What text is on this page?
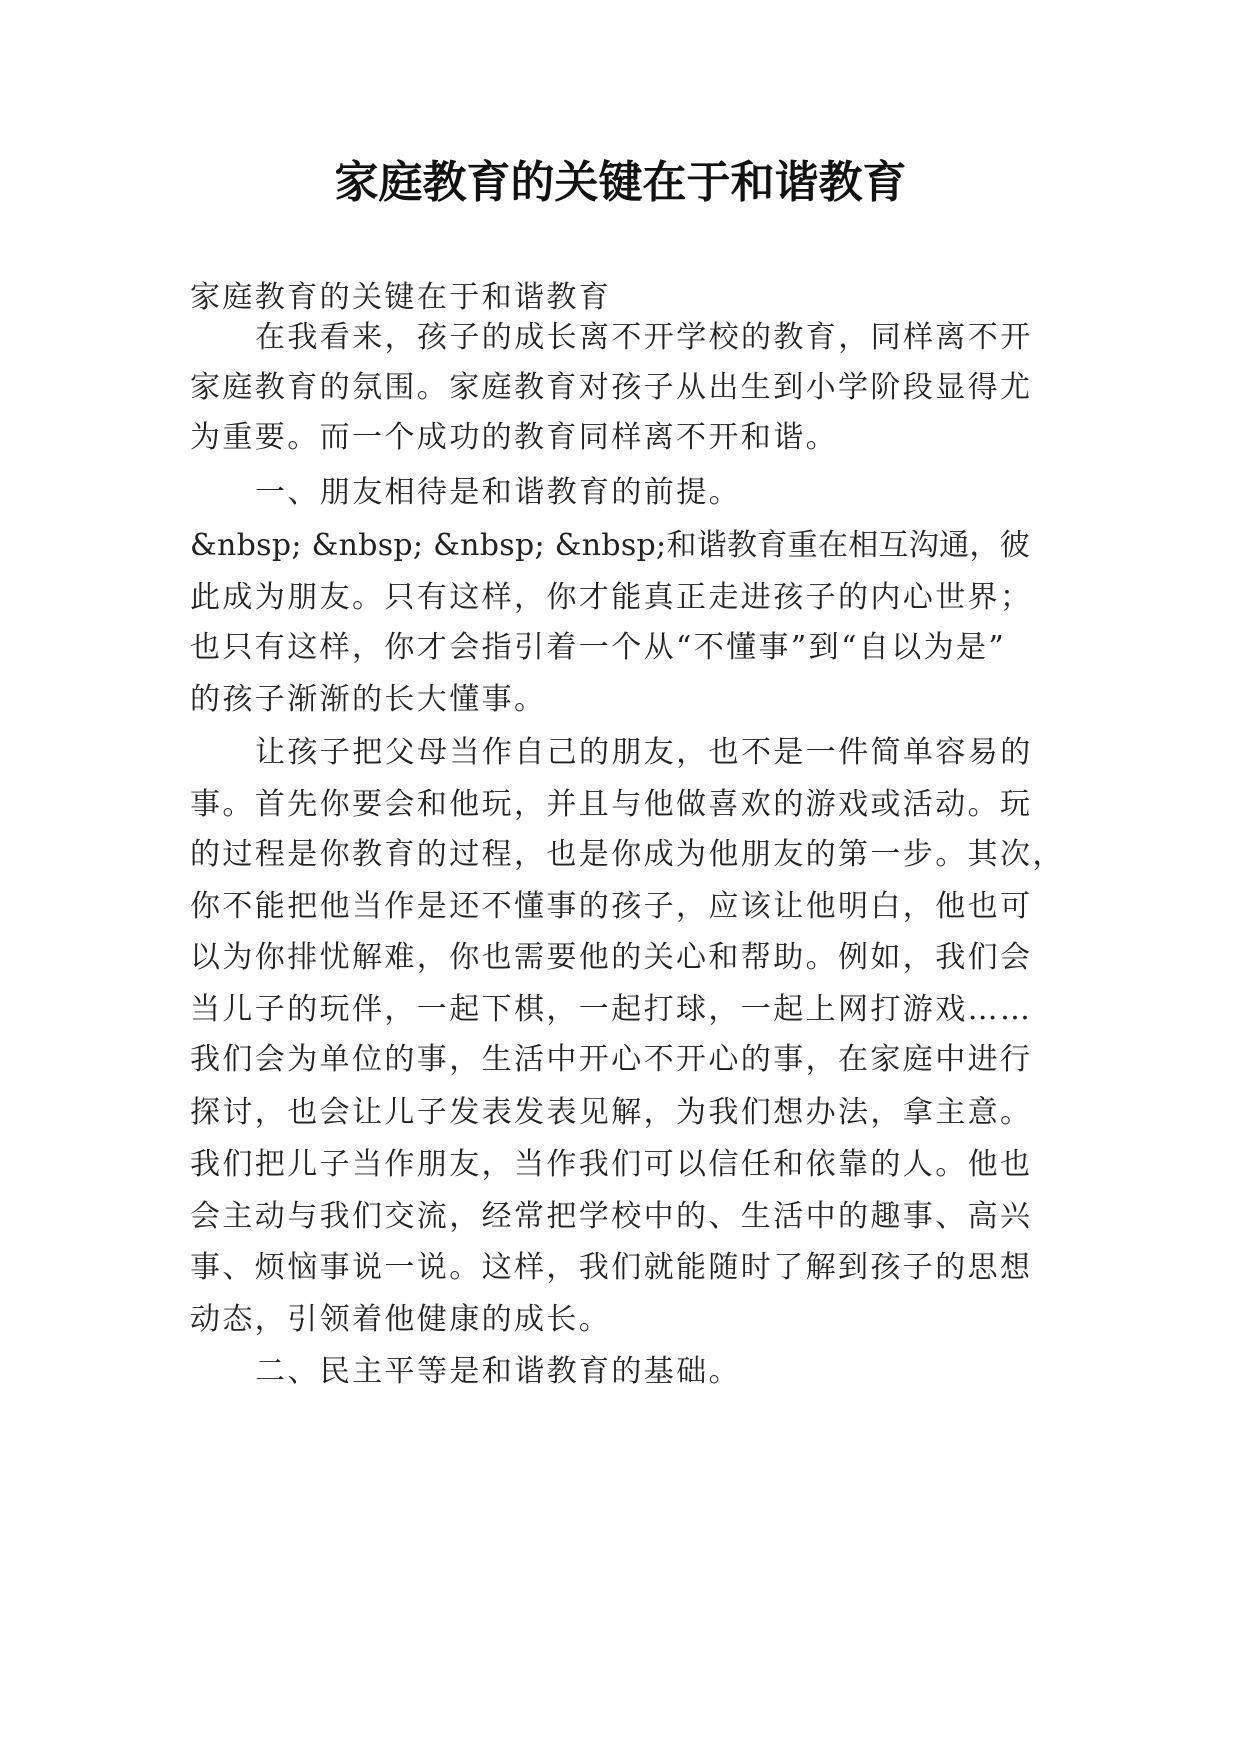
家庭教育的关键在于和谐教育
家庭教育的关键在于和谐教育
在我看来，孩子的成长离不开学校的教育，同样离不开
家庭教育的氛围。家庭教育对孩子从出生到小学阶段显得尤
为重要。而一个成功的教育同样离不开和谐。
一、朋友相待是和谐教育的前提。
&nbsp; &nbsp; &nbsp; &nbsp;和谐教育重在相互沟通，彼
此成为朋友。只有这样，你才能真正走进孩子的内心世界；
也只有这样，你才会指引着一个从“不懂事”到“自以为是”
的孩子渐渐的长大懂事。
让孩子把父母当作自己的朋友，也不是一件简单容易的
事。首先你要会和他玩，并且与他做喜欢的游戏或活动。玩
的过程是你教育的过程，也是你成为他朋友的第一步。其次，
你不能把他当作是还不懂事的孩子，应该让他明白，他也可
以为你排忧解难，你也需要他的关心和帮助。例如，我们会
当儿子的玩伴，一起下棋，一起打球，一起上网打游戏……
我们会为单位的事，生活中开心不开心的事，在家庭中进行
探讨，也会让儿子发表发表见解，为我们想办法，拿主意。
我们把儿子当作朋友，当作我们可以信任和依靠的人。他也
会主动与我们交流，经常把学校中的、生活中的趣事、高兴
事、烦恼事说一说。这样，我们就能随时了解到孩子的思想
动态，引领着他健康的成长。
二、民主平等是和谐教育的基础。
